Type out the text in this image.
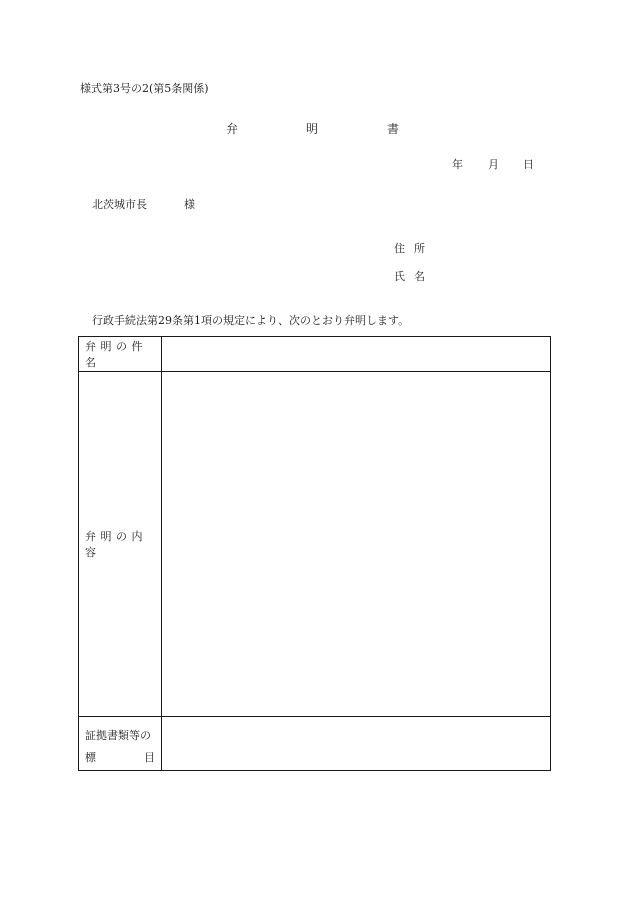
様式第3号の2(第5条関係)
弁	明	書
年 月 日
北茨城市長	様
住所
氏名
行政手続法第29条第1項の規定により、次のとおり弁明します。
弁明の件名
弁明の内容
証拠書類等の
標	目
